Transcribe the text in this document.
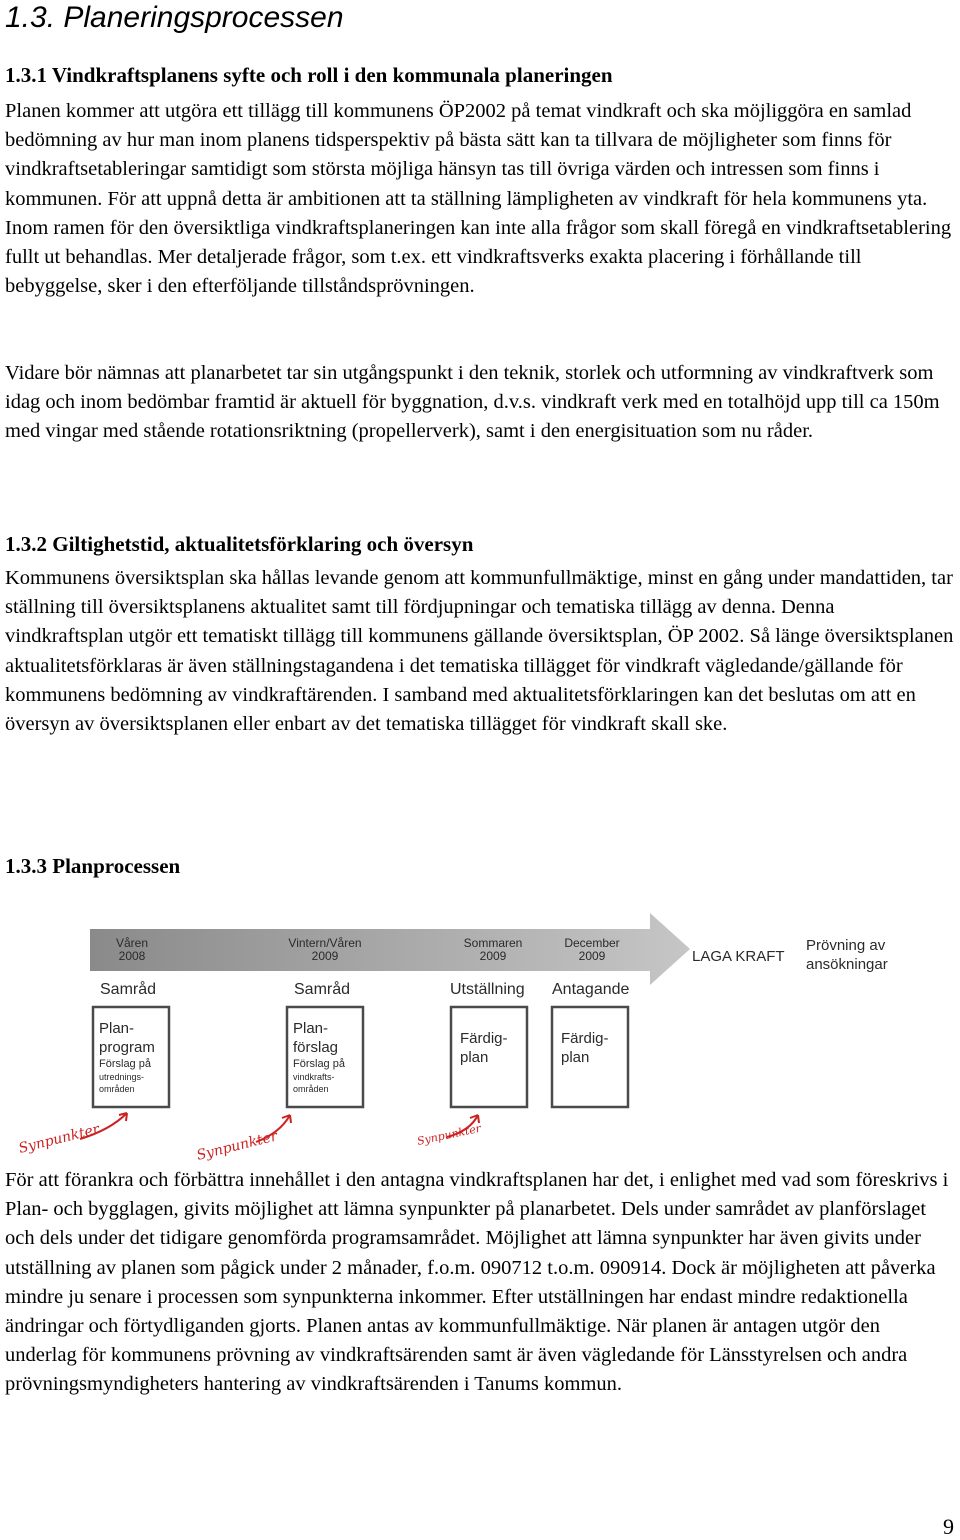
1.3. Planeringsprocessen
1.3.1 Vindkraftsplanens syfte och roll i den kommunala planeringen

Planen kommer att utgöra ett tillägg till kommunens ÖP2002 på temat vindkraft och ska möjliggöra en samlad bedömning av hur man inom planens tidsperspektiv på bästa sätt kan ta tillvara de möjligheter som finns för vindkraftsetableringar samtidigt som största möjliga hänsyn tas till övriga värden och intressen som finns i kommunen. För att uppnå detta är ambitionen att ta ställning lämpligheten av vindkraft för hela kommunens yta. Inom ramen för den översiktliga vindkraftsplaneringen kan inte alla frågor som skall föregå en vindkraftsetablering fullt ut behandlas. Mer detaljerade frågor, som t.ex. ett vindkraftsverks exakta placering i förhållande till bebyggelse, sker i den efterföljande tillståndsprövningen.

Vidare bör nämnas att planarbetet tar sin utgångspunkt i den teknik, storlek och utformning av vindkraftverk som idag och inom bedömbar framtid är aktuell för byggnation, d.v.s. vindkraft verk med en totalhöjd upp till ca 150m med vingar med stående rotationsriktning (propellerverk), samt i den energisituation som nu råder.

1.3.2 Giltighetstid, aktualitetsförklaring och översyn

Kommunens översiktsplan ska hållas levande genom att kommunfullmäktige, minst en gång under mandattiden, tar ställning till översiktsplanens aktualitet samt till fördjupningar och tematiska tillägg av denna. Denna vindkraftsplan utgör ett tematiskt tillägg till kommunens gällande översiktsplan, ÖP 2002. Så länge översiktsplanen aktualitetsförklaras är även ställningstagandena i det tematiska tillägget för vindkraft vägledande/gällande för kommunens bedömning av vindkraftärenden. I samband med aktualitetsförklaringen kan det beslutas om att en översyn av översiktsplanen eller enbart av det tematiska tillägget för vindkraft skall ske.

1.3.3 Planprocessen
Våren
2008
Vintern/Våren
2009
Sommaren
2009
December
2009	LAGA KRAFT
Prövning av
ansökningar
Samråd	Samråd	Utställning Antagande
Plan-
program
Förslag på
utrednings-
områden
Plan-
förslag
Förslag på
vindkrafts-
områden
Färdig-
plan
Färdig-
plan
Synpunkter	Synpunkter	Synpunkter

För att förankra och förbättra innehållet i den antagna vindkraftsplanen har det, i enlighet med vad som föreskrivs i Plan- och bygglagen, givits möjlighet att lämna synpunkter på planarbetet. Dels under samrådet av planförslaget och dels under det tidigare genomförda programsamrådet. Möjlighet att lämna synpunkter har även givits under utställning av planen som pågick under 2 månader, f.o.m. 090712 t.o.m. 090914. Dock är möjligheten att påverka mindre ju senare i processen som synpunkterna inkommer. Efter utställningen har endast mindre redaktionella ändringar och förtydliganden gjorts. Planen antas av kommunfullmäktige. När planen är antagen utgör den underlag för kommunens prövning av vindkraftsärenden samt är även vägledande för Länsstyrelsen och andra prövningsmyndigheters hantering av vindkraftsärenden i Tanums kommun.

9
